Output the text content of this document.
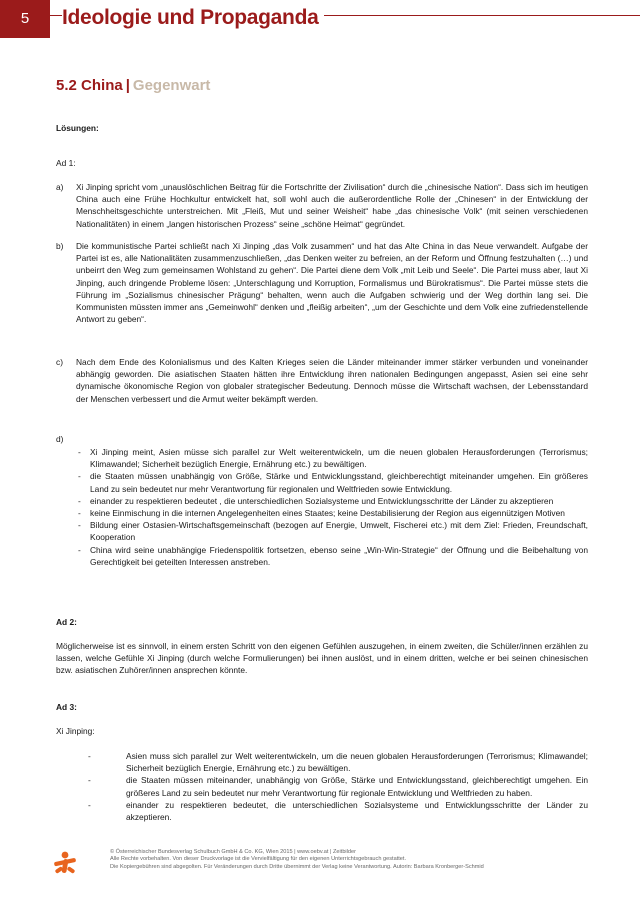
5	Ideologie und Propaganda
5.2 China | Gegenwart
Lösungen:
Ad 1:
a) Xi Jinping spricht vom „unauslöschlichen Beitrag für die Fortschritte der Zivilisation“ durch die „chinesische Nation“. Dass sich im heutigen China auch eine Frühe Hochkultur entwickelt hat, soll wohl auch die außerordentliche Rolle der „Chinesen“ in der Entwicklung der Menschheitsgeschichte unterstreichen. Mit „Fleiß, Mut und seiner Weisheit“ habe „das chinesische Volk“ (mit seinen verschiedenen Nationalitäten) in einem „langen historischen Prozess“ seine „schöne Heimat“ gegründet.
b) Die kommunistische Partei schließt nach Xi Jinping „das Volk zusammen“ und hat das Alte China in das Neue verwandelt. Aufgabe der Partei ist es, alle Nationalitäten zusammenzuschließen, „das Denken weiter zu befreien, an der Reform und Öffnung festzuhalten (…) und unbeirrt den Weg zum gemeinsamen Wohlstand zu gehen“. Die Partei diene dem Volk „mit Leib und Seele“. Die Partei muss aber, laut Xi Jinping, auch dringende Probleme lösen: „Unterschlagung und Korruption, Formalismus und Bürokratismus“. Die Partei müsse stets die Führung im „Sozialismus chinesischer Prägung“ behalten, wenn auch die Aufgaben schwierig und der Weg dorthin lang sei. Die Kommunisten müssten immer ans „Gemeinwohl“ denken und „fleißig arbeiten“, „um der Geschichte und dem Volk eine zufriedenstellende Antwort zu geben“.
c) Nach dem Ende des Kolonialismus und des Kalten Krieges seien die Länder miteinander immer stärker verbunden und voneinander abhängig geworden. Die asiatischen Staaten hätten ihre Entwicklung ihren nationalen Bedingungen angepasst, Asien sei eine sehr dynamische ökonomische Region von globaler strategischer Bedeutung. Dennoch müsse die Wirtschaft wachsen, der Lebensstandard der Menschen verbessert und die Armut weiter bekämpft werden.
d)
- Xi Jinping meint, Asien müsse sich parallel zur Welt weiterentwickeln, um die neuen globalen Herausforderungen (Terrorismus; Klimawandel; Sicherheit bezüglich Energie, Ernährung etc.) zu bewältigen.
- die Staaten müssen unabhängig von Größe, Stärke und Entwicklungsstand, gleichberechtigt miteinander umgehen. Ein größeres Land zu sein bedeutet nur mehr Verantwortung für regionalen und Weltfrieden sowie Entwicklung.
- einander zu respektieren bedeutet , die unterschiedlichen Sozialsysteme und Entwicklungsschritte der Länder zu akzeptieren
- keine Einmischung in die internen Angelegenheiten eines Staates; keine Destabilisierung der Region aus eigennützigen Motiven
- Bildung einer Ostasien-Wirtschaftsgemeinschaft (bezogen auf Energie, Umwelt, Fischerei etc.) mit dem Ziel: Frieden, Freundschaft, Kooperation
- China wird seine unabhängige Friedenspolitik fortsetzen, ebenso seine „Win-Win-Strategie“ der Öffnung und die Beibehaltung von Gerechtigkeit bei geteilten Interessen anstreben.
Ad 2:
Möglicherweise ist es sinnvoll, in einem ersten Schritt von den eigenen Gefühlen auszugehen, in einem zweiten, die Schüler/innen erzählen zu lassen, welche Gefühle Xi Jinping (durch welche Formulierungen) bei ihnen auslöst, und in einem dritten, welche er bei seinen chinesischen bzw. asiatischen Zuhörer/innen ansprechen könnte.
Ad 3:
Xi Jinping:
-	Asien muss sich parallel zur Welt weiterentwickeln, um die neuen globalen Herausforderungen (Terrorismus; Klimawandel; Sicherheit bezüglich Energie, Ernährung etc.) zu bewältigen.
-	die Staaten müssen miteinander, unabhängig von Größe, Stärke und Entwicklungsstand, gleichberechtigt umgehen. Ein größeres Land zu sein bedeutet nur mehr Verantwortung für regionale Entwicklung und Weltfrieden zu haben.
-	einander zu respektieren bedeutet, die unterschiedlichen Sozialsysteme und Entwicklungsschritte der Länder zu akzeptieren.
© Österreichischer Bundesverlag Schulbuch GmbH & Co. KG, Wien 2015 | www.oebv.at | Zeitbilder
Alle Rechte vorbehalten. Von dieser Druckvorlage ist die Vervielfältigung für den eigenen Unterrichtsgebrauch gestattet.
Die Kopiergebühren sind abgegolten. Für Veränderungen durch Dritte übernimmt der Verlag keine Verantwortung. Autorin: Barbara Kronberger-Schmid
